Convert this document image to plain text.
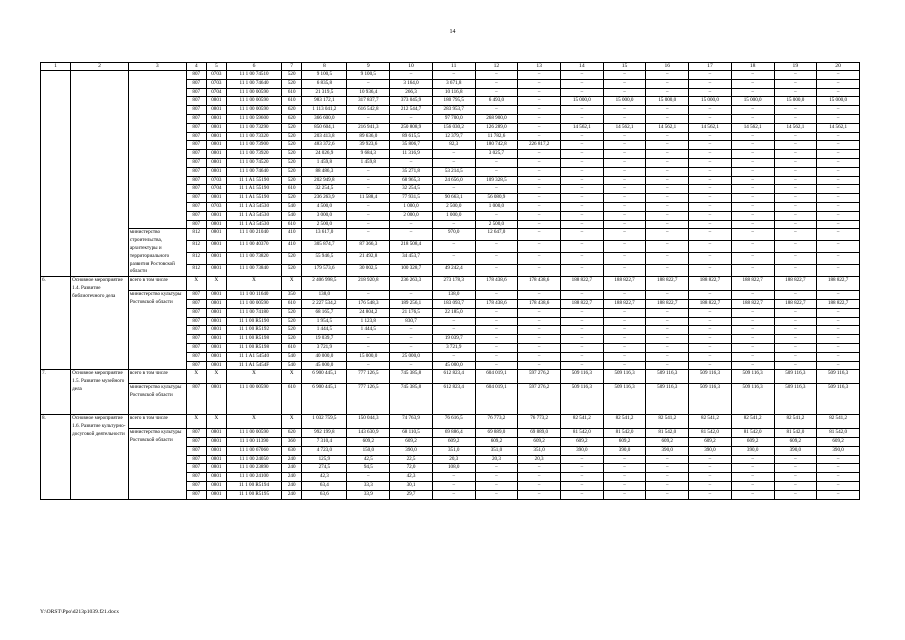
14
1	2	3	4	5	6	7	8	9	10	11	12	13	14	15	16	17	18	19	20
			807	0703	11 1 00 74510	520	9 100,5	9 100,5	–	–	–	–	–	–	–	–	–	–	–
			807	0703	11 1 00 74640	520	6 835,8	–	3 164,0	3 671,8	–	–	–	–	–	–	–	–	–
			807	0704	11 1 00 00590	610	21 319,5	10 936,4	266,3	10 116,8	–	–	–	–	–	–	–	–	–
			807	0801	11 1 00 00590	610	983 172,1	317 837,7	373 045,9	180 795,5	6 493,0	–	15 000,0	15 000,0	15 000,0	15 000,0	15 000,0	15 000,0	15 000,0
			807	0801	11 1 00 00590	620	1 113 041,2	616 542,8	212 544,7	283 953,7	–	–	–	–	–	–	–	–	–
			807	0801	11 1 00 59600	620	366 600,0	–	–	97 700,0	268 900,0	–	–	–	–	–	–	–	–
			807	0801	11 1 00 73290	520	850 604,1	216 941,3	250 808,9	156 030,2	126 289,0	–	14 562,1	14 562,1	14 562,1	14 562,1	14 562,1	14 562,1	14 562,1
			807	0801	11 1 00 73320	520	203 413,8	89 636,0	89 615,5	12 379,7	11 782,6	–	–	–	–	–	–	–	–
			807	0801	11 1 00 73900	520	483 372,6	39 923,6	35 806,7	82,3	180 742,8	226 817,2	–	–	–	–	–	–	–
			807	0801	11 1 00 73920	520	24 026,9	9 684,3	11 316,9	–	3 025,7	–	–	–	–	–	–	–	–
			807	0801	11 1 00 74520	520	1 459,8	1 459,8	–	–	–	–	–	–	–	–	–	–	–
			807	0801	11 1 00 74640	520	88 486,3	–	35 271,8	53 214,5	–	–	–	–	–	–	–	–	–
			807	0703	11 1 A1 55190	520	202 949,8	–	68 965,3	24 656,0	109 328,5	–	–	–	–	–	–	–	–
			807	0704	11 1 A1 55190	610	32 254,5	–	32 254,5	–	–	–	–	–	–	–	–	–	–
			807	0801	11 1 A1 55190	520	236 263,9	11 588,4	77 931,5	90 663,1	56 080,9	–	–	–	–	–	–	–	–
			807	0703	11 1 A3 54530	540	4 500,0	–	1 000,0	2 500,0	1 000,0	–	–	–	–	–	–	–	–
			807	0801	11 1 A3 54530	540	3 000,0	–	2 000,0	1 000,0	–	–	–	–	–	–	–	–	–
			807	0801	11 1 A3 54530	610	2 500,0	–	–	–	2 500,0	–	–	–	–	–	–	–	–
		министерство строительства, архитектуры и территориального развития Ростовской области	812	0801	11 1 00 21040	410	13 617,0	–	–	970,0	12 647,0	–	–	–	–	–	–	–	–
			812	0801	11 1 00 40370	410	305 874,7	87 366,3	218 508,4	–	–	–	–	–	–	–	–	–	–
			812	0801	11 1 00 73820	520	55 946,5	21 492,8	34 453,7	–	–	–	–	–	–	–	–	–	–
			812	0801	11 1 00 73840	520	179 573,6	30 002,5	100 328,7	49 242,4	–	–	–	–	–	–	–	–	–
6.	Основное мероприятие 1.4. Развитие библиотечного дела	всего в том числе	X	X	X	X	2 406 998,5	218 920,8	236 263,3	273 178,3	178 438,6	178 438,6	188 822,7	188 822,7	188 822,7	188 822,7	188 822,7	188 822,7	188 822,7
		министерство культуры Ростовской области	807	0801	11 1 00 11640	350	138,0	–	–	138,0	–	–	–	–	–	–	–	–	–
			807	0801	11 1 00 00590	610	2 227 534,2	176 548,3	189 256,1	183 093,7	178 438,6	178 438,6	188 822,7	188 822,7	188 822,7	188 822,7	188 822,7	188 822,7	188 822,7
			807	0801	11 1 00 74180	520	68 165,7	24 804,2	21 176,5	22 185,0	–	–	–	–	–	–	–	–	–
			807	0801	11 1 00 R5190	520	1 954,5	1 123,8	830,7	–	–	–	–	–	–	–	–	–	–
			807	0801	11 1 00 R5192	520	1 444,5	1 444,5	–	–	–	–	–	–	–	–	–	–	–
			807	0801	11 1 00 R5198	520	19 039,7	–	–	19 039,7	–	–	–	–	–	–	–	–	–
			807	0801	11 1 00 R5198	610	3 721,9	–	–	3 721,9	–	–	–	–	–	–	–	–	–
			807	0801	11 1 A1 54540	540	40 000,0	15 000,0	25 000,0	–	–	–	–	–	–	–	–	–	–
			807	0801	11 1 A1 5454F	540	45 000,0	–	–	45 000,0	–	–	–	–	–	–	–	–	–
7.	Основное мероприятие 1.5. Развитие музейного дела	всего в том числе	X	X	X	X	6 900 445,1	777 126,5	745 385,8	612 823,4	604 019,1	597 276,2	509 116,3	509 116,3	509 116,3	509 116,3	509 116,3	509 116,3	509 116,3
		министерство культуры Ростовской области	807	0801	11 1 00 00590	610	6 900 445,1	777 126,5	745 385,8	612 823,4	604 019,1	597 276,2	509 116,3	509 116,3	509 116,3	509 116,3	509 116,3	509 116,3	509 116,3
8.	Основное мероприятие 1.6. Развитие культурно-досуговой деятельности	всего в том числе	X	X	X	X	1 032 759,5	150 044,3	74 763,9	76 616,5	76 773,2	76 773,2	82 541,2	82 541,2	82 541,2	82 541,2	82 541,2	82 541,2	82 541,2
		министерство культуры Ростовской области	807	0801	11 1 00 00590	620	992 199,8	143 630,9	68 110,5	69 886,4	69 889,0	69 889,0	81 542,0	81 542,0	81 542,0	81 542,0	81 542,0	81 542,0	81 542,0
			807	0801	11 1 00 11390	360	7 310,4	609,2	609,2	609,2	609,2	609,2	609,2	609,2	609,2	609,2	609,2	609,2	609,2
			807	0801	11 1 00 67060	630	4 723,0	150,0	390,0	351,0	351,0	351,0	390,0	390,0	390,0	390,0	390,0	390,0	390,0
			807	0801	11 1 00 24050	240	125,9	42,5	22,5	20,3	20,3	20,3	–	–	–	–	–	–	–
			807	0801	11 1 00 23890	240	274,5	94,5	72,0	108,0	–	–	–	–	–	–	–	–	–
			807	0801	11 1 00 24100	240	42,3	–	42,3	–	–	–	–	–	–	–	–	–	–
			807	0801	11 1 00 R5194	240	63,4	33,3	30,1	–	–	–	–	–	–	–	–	–	–
			807	0801	11 1 00 R5195	240	63,6	33,9	29,7	–	–	–	–	–	–	–	–	–	–
Y:\ORST\Ppo\d213p1039.f21.docx
